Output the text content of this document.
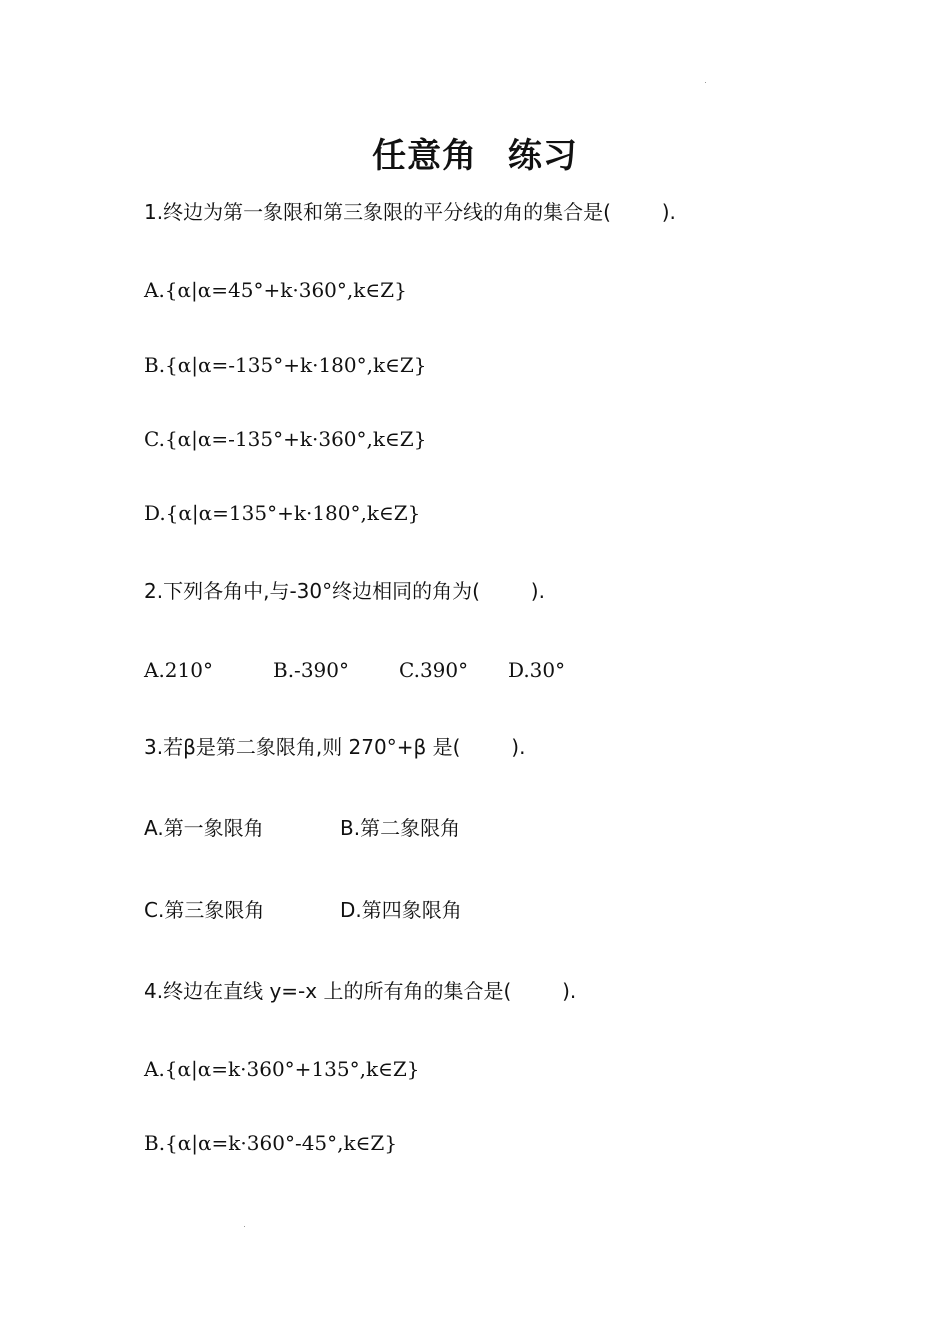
任意角 练习
1.终边为第一象限和第三象限的平分线的角的集合是(        ).
A.{α|α=45°+k·360°,k∈Z}
B.{α|α=-135°+k·180°,k∈Z}
C.{α|α=-135°+k·360°,k∈Z}
D.{α|α=135°+k·180°,k∈Z}
2.下列各角中,与-30°终边相同的角为(        ).
A.210°	B.-390°	C.390° D.30°
3.若β是第二象限角,则 270°+β 是(        ).
A.第一象限角	B.第二象限角
C.第三象限角	D.第四象限角
4.终边在直线 y=-x 上的所有角的集合是(        ).
A.{α|α=k·360°+135°,k∈Z}
B.{α|α=k·360°-45°,k∈Z}
